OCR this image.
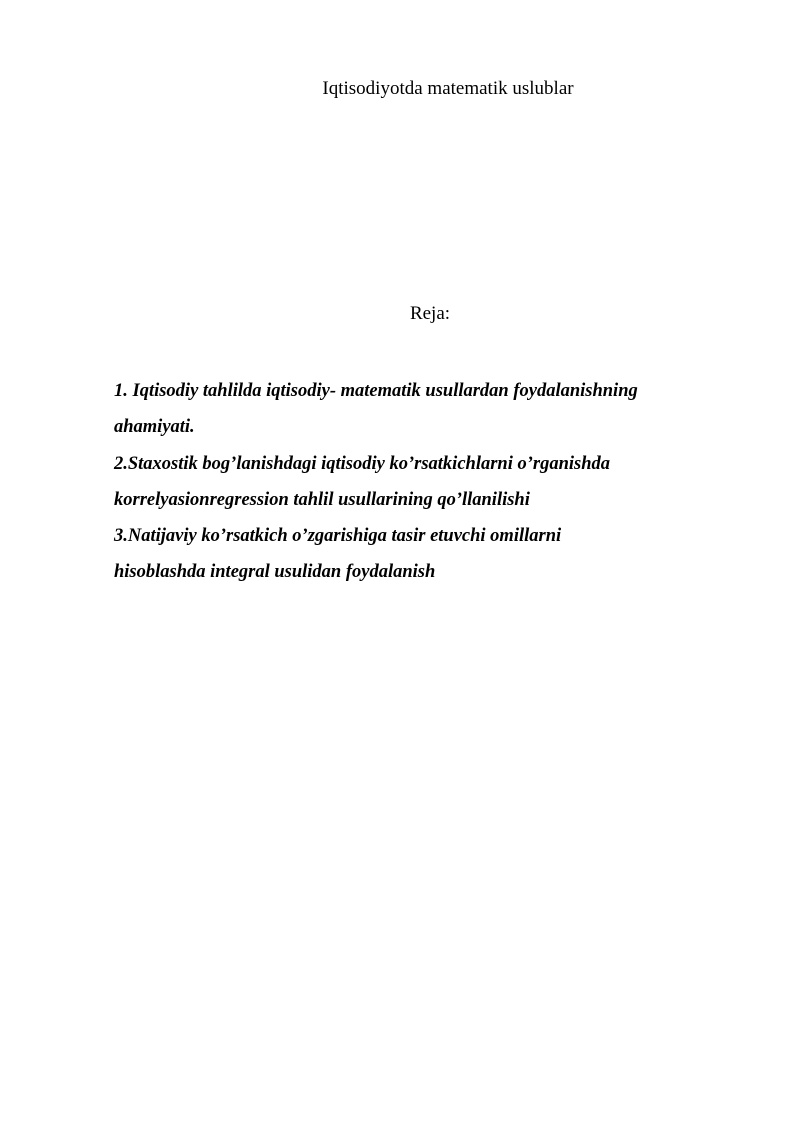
Iqtisodiyotda matematik uslublar
Reja:
1. Iqtisodiy tahlilda iqtisodiy- matematik usullardan foydalanishning
ahamiyati.
2.Staxostik bog’lanishdagi iqtisodiy ko’rsatkichlarni o’rganishda
korrelyasionregression tahlil usullarining qo’llanilishi
3.Natijaviy ko’rsatkich o’zgarishiga tasir etuvchi omillarni
hisoblashda integral usulidan foydalanish
